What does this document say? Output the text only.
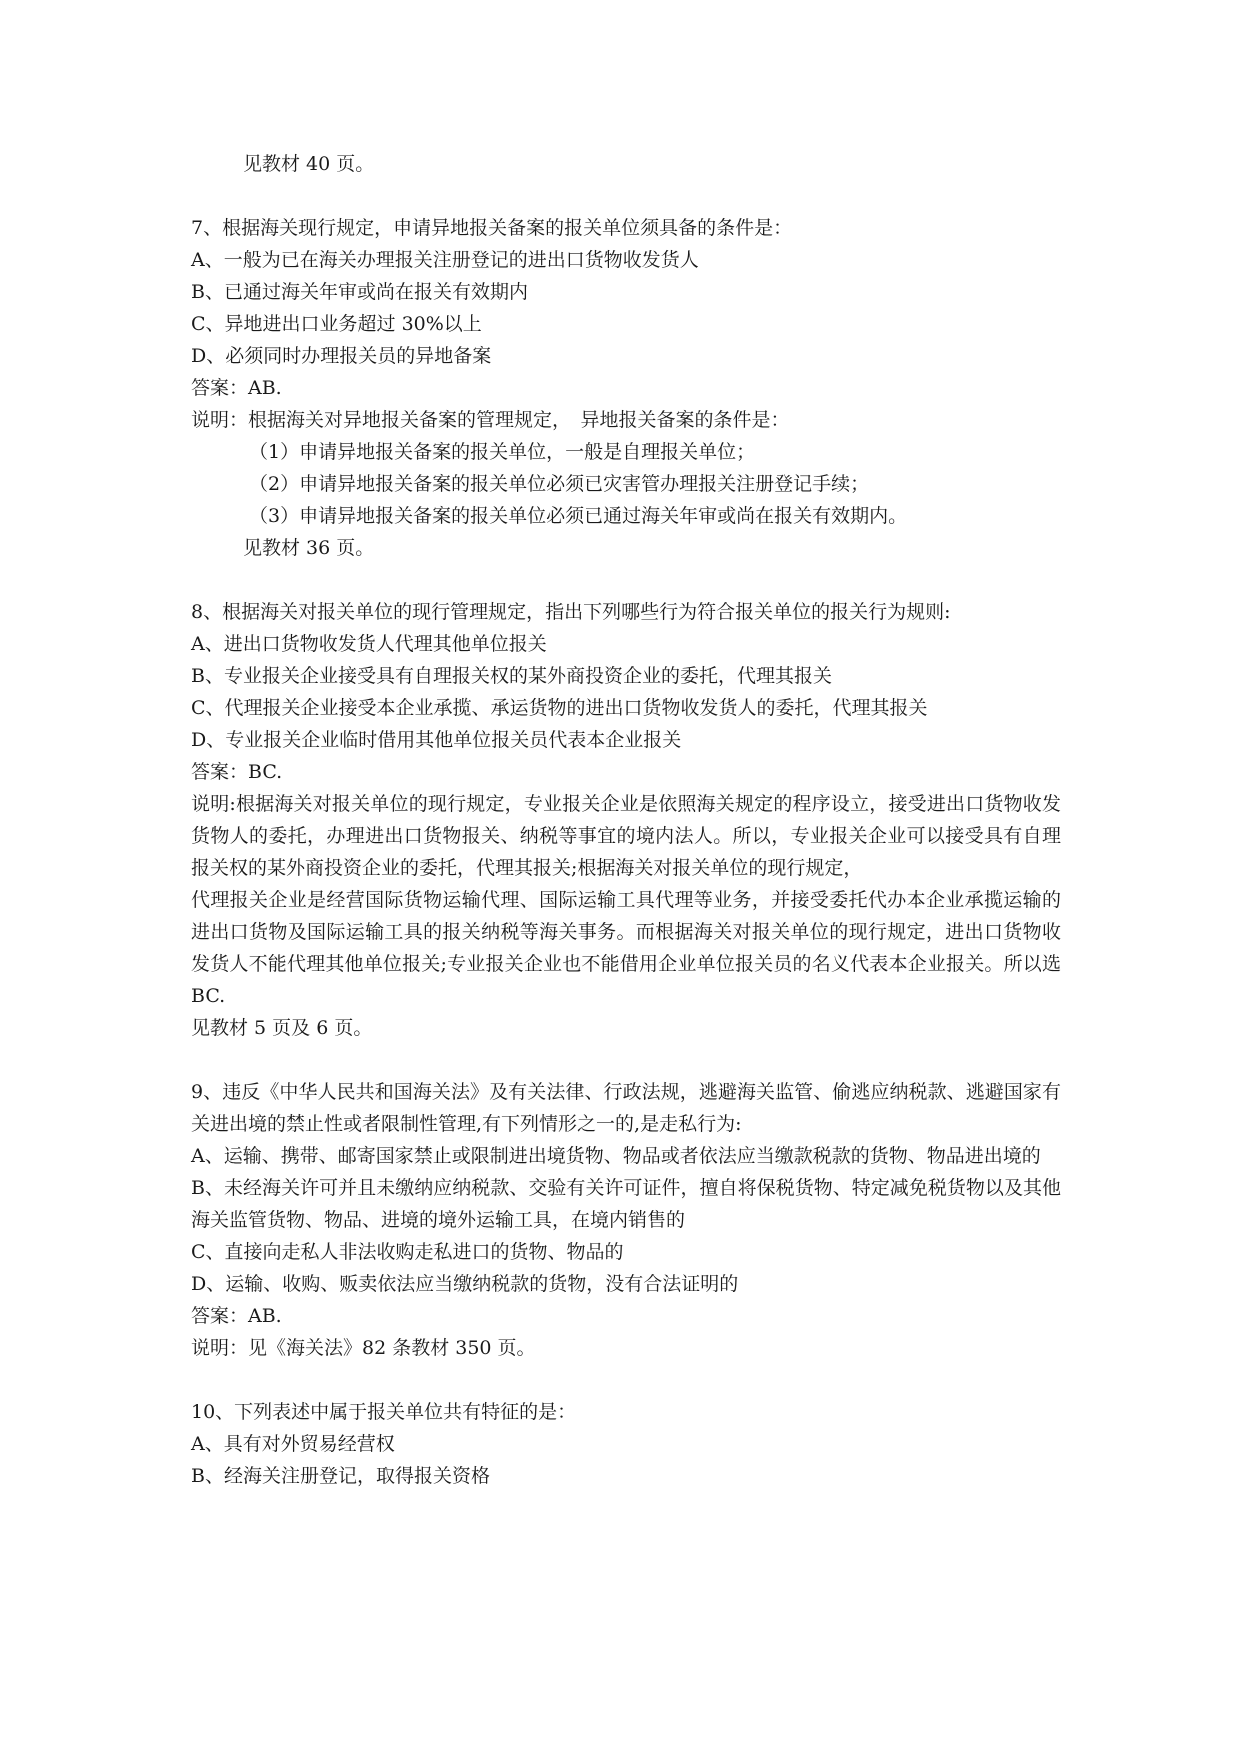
见教材 40 页。
7、根据海关现行规定，申请异地报关备案的报关单位须具备的条件是：
A、一般为已在海关办理报关注册登记的进出口货物收发货人
B、已通过海关年审或尚在报关有效期内
C、异地进出口业务超过 30%以上
D、必须同时办理报关员的异地备案
答案：AB.
说明：根据海关对异地报关备案的管理规定，　异地报关备案的条件是：
（1）申请异地报关备案的报关单位，一般是自理报关单位；
（2）申请异地报关备案的报关单位必须已灾害管办理报关注册登记手续；
（3）申请异地报关备案的报关单位必须已通过海关年审或尚在报关有效期内。
见教材 36 页。
8、根据海关对报关单位的现行管理规定，指出下列哪些行为符合报关单位的报关行为规则:
A、进出口货物收发货人代理其他单位报关
B、专业报关企业接受具有自理报关权的某外商投资企业的委托，代理其报关
C、代理报关企业接受本企业承揽、承运货物的进出口货物收发货人的委托，代理其报关
D、专业报关企业临时借用其他单位报关员代表本企业报关
答案：BC.
说明:根据海关对报关单位的现行规定，专业报关企业是依照海关规定的程序设立，接受进出口货物收发货物人的委托，办理进出口货物报关、纳税等事宜的境内法人。所以，专业报关企业可以接受具有自理报关权的某外商投资企业的委托，代理其报关;根据海关对报关单位的现行规定，
代理报关企业是经营国际货物运输代理、国际运输工具代理等业务，并接受委托代办本企业承揽运输的进出口货物及国际运输工具的报关纳税等海关事务。而根据海关对报关单位的现行规定，进出口货物收发货人不能代理其他单位报关;专业报关企业也不能借用企业单位报关员的名义代表本企业报关。所以选 BC.
见教材 5 页及 6 页。
9、违反《中华人民共和国海关法》及有关法律、行政法规，逃避海关监管、偷逃应纳税款、逃避国家有关进出境的禁止性或者限制性管理,有下列情形之一的,是走私行为:
A、运输、携带、邮寄国家禁止或限制进出境货物、物品或者依法应当缴款税款的货物、物品进出境的
B、未经海关许可并且未缴纳应纳税款、交验有关许可证件，擅自将保税货物、特定减免税货物以及其他海关监管货物、物品、进境的境外运输工具，在境内销售的
C、直接向走私人非法收购走私进口的货物、物品的
D、运输、收购、贩卖依法应当缴纳税款的货物，没有合法证明的
答案：AB.
说明：见《海关法》82 条教材 350 页。
10、下列表述中属于报关单位共有特征的是：
A、具有对外贸易经营权
B、经海关注册登记，取得报关资格
